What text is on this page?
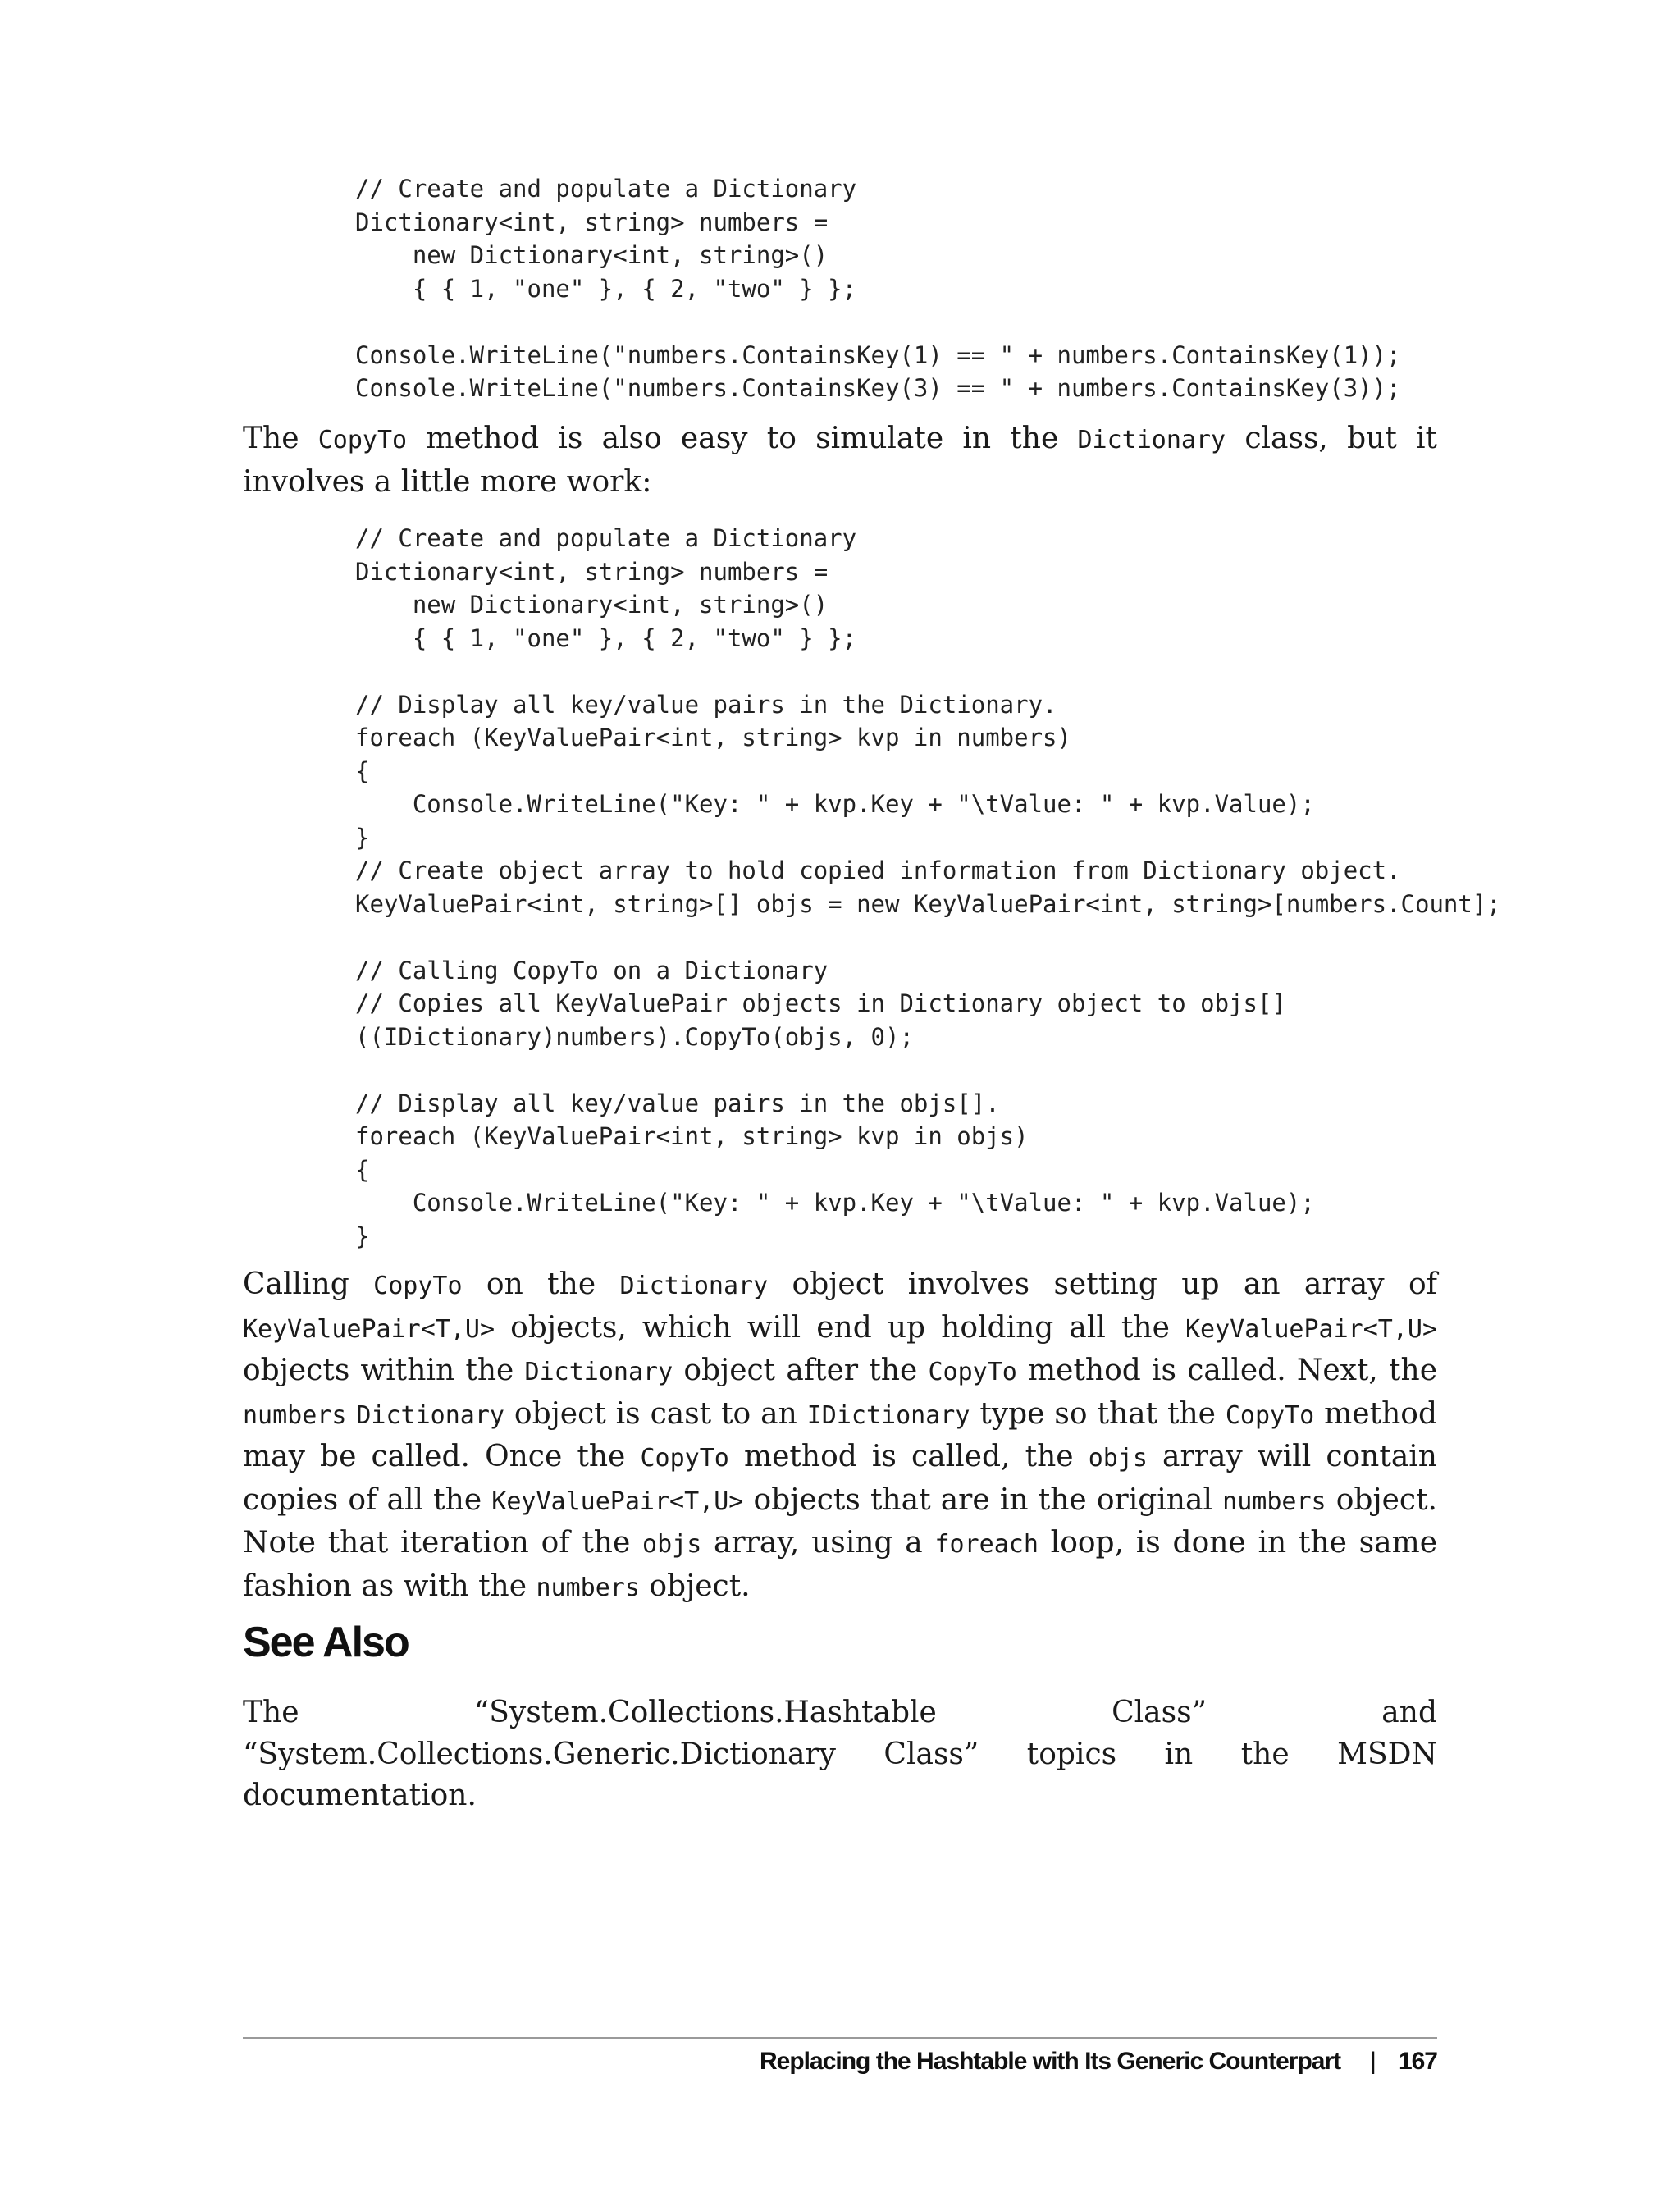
// Create and populate a Dictionary
Dictionary<int, string> numbers =
new Dictionary<int, string>()
{ { 1, "one" }, { 2, "two" } };

Console.WriteLine("numbers.ContainsKey(1) == " + numbers.ContainsKey(1));
Console.WriteLine("numbers.ContainsKey(3) == " + numbers.ContainsKey(3));

The CopyTo method is also easy to simulate in the Dictionary class, but it involves a little more work:

// Create and populate a Dictionary
Dictionary<int, string> numbers =
new Dictionary<int, string>()
{ { 1, "one" }, { 2, "two" } };

// Display all key/value pairs in the Dictionary.
foreach (KeyValuePair<int, string> kvp in numbers)
{
Console.WriteLine("Key: " + kvp.Key + "\tValue: " + kvp.Value);
}
// Create object array to hold copied information from Dictionary object.
KeyValuePair<int, string>[] objs = new KeyValuePair<int, string>[numbers.Count];

// Calling CopyTo on a Dictionary
// Copies all KeyValuePair objects in Dictionary object to objs[]
((IDictionary)numbers).CopyTo(objs, 0);

// Display all key/value pairs in the objs[].
foreach (KeyValuePair<int, string> kvp in objs)
{
Console.WriteLine("Key: " + kvp.Key + "\tValue: " + kvp.Value);
}

Calling CopyTo on the Dictionary object involves setting up an array of KeyValuePair<T,U> objects, which will end up holding all the KeyValuePair<T,U> objects within the Dictionary object after the CopyTo method is called. Next, the numbers Dictionary object is cast to an IDictionary type so that the CopyTo method may be called. Once the CopyTo method is called, the objs array will contain copies of all the KeyValuePair<T,U> objects that are in the original numbers object. Note that iteration of the objs array, using a foreach loop, is done in the same fashion as with the numbers object.

See Also

The “System.Collections.Hashtable Class” and “System.Collections.Generic.Dictionary Class” topics in the MSDN documentation.

Replacing the Hashtable with Its Generic Counterpart | 167
